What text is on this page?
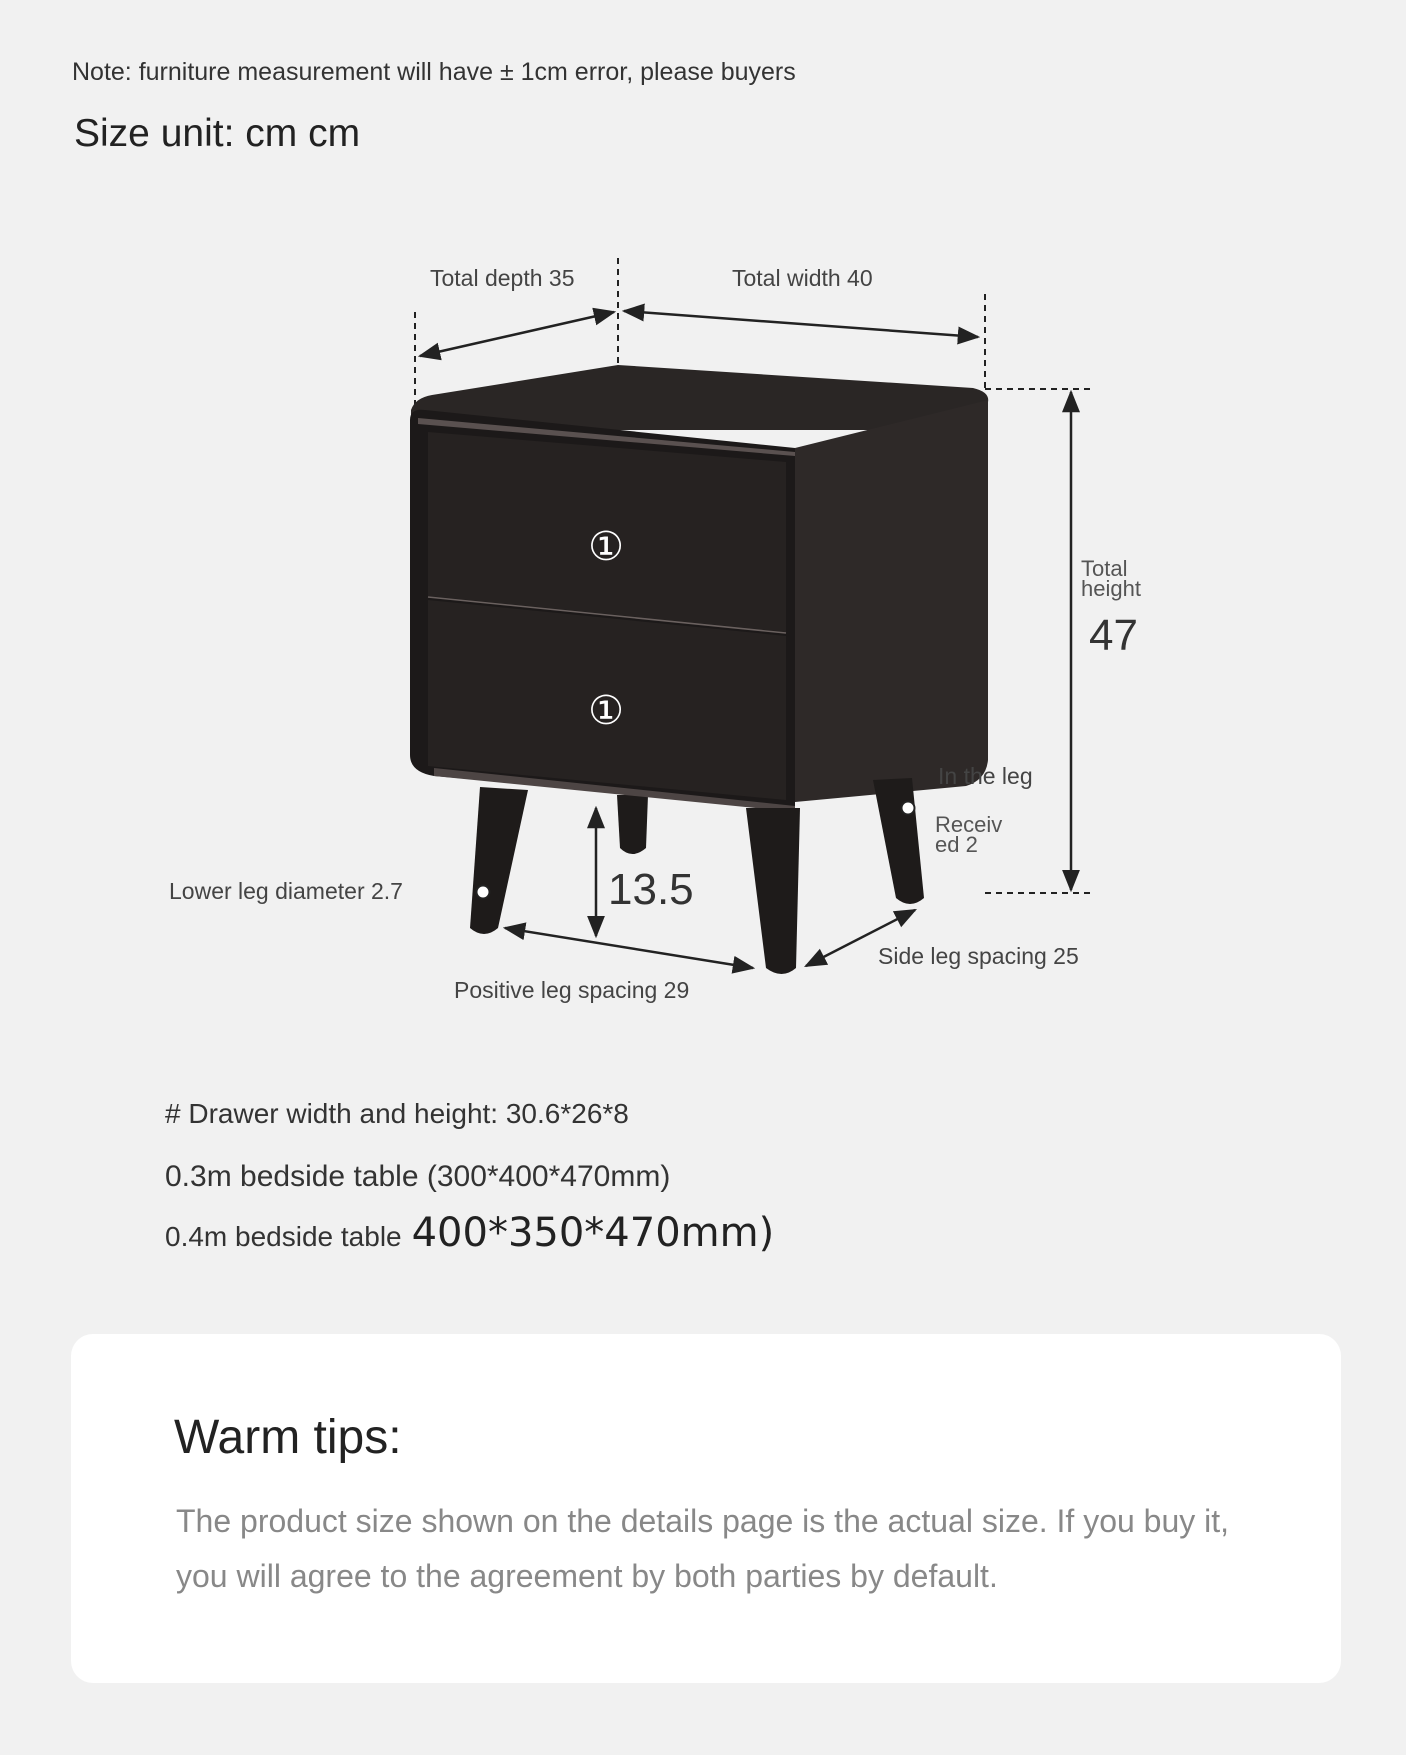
Note: furniture measurement will have ± 1cm error, please buyers
Size unit: cm cm
①
①
Total depth 35	Total width 40
Total
height
47
In the leg
Receiv
ed 2
Lower leg diameter 2.7	13.5
Side leg spacing 25
Positive leg spacing 29
# Drawer width and height: 30.6*26*8
0.3m bedside table (300*400*470mm)
0.4m bedside table 400*350*470mm)
Warm tips:
The product size shown on the details page is the actual size. If you buy it, you will agree to the agreement by both parties by default.
